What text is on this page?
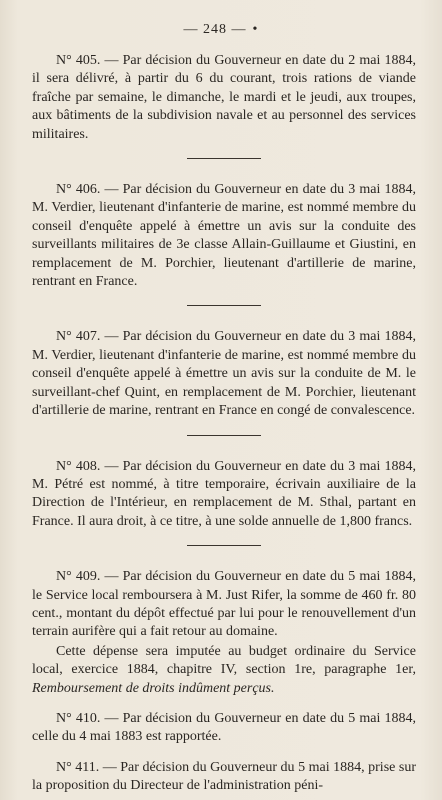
— 248 — •

N° 405. — Par décision du Gouverneur en date du 2 mai 1884, il sera délivré, à partir du 6 du courant, trois rations de viande fraîche par semaine, le dimanche, le mardi et le jeudi, aux troupes, aux bâtiments de la subdivision navale et au personnel des services militaires.

N° 406. — Par décision du Gouverneur en date du 3 mai 1884, M. Verdier, lieutenant d'infanterie de marine, est nommé membre du conseil d'enquête appelé à émettre un avis sur la conduite des surveillants militaires de 3e classe Allain-Guillaume et Giustini, en remplacement de M. Porchier, lieutenant d'artillerie de marine, rentrant en France.

N° 407. — Par décision du Gouverneur en date du 3 mai 1884, M. Verdier, lieutenant d'infanterie de marine, est nommé membre du conseil d'enquête appelé à émettre un avis sur la conduite de M. le surveillant-chef Quint, en remplacement de M. Porchier, lieutenant d'artillerie de marine, rentrant en France en congé de convalescence.

N° 408. — Par décision du Gouverneur en date du 3 mai 1884, M. Pétré est nommé, à titre temporaire, écrivain auxiliaire de la Direction de l'Intérieur, en remplacement de M. Sthal, partant en France. Il aura droit, à ce titre, à une solde annuelle de 1,800 francs.

N° 409. — Par décision du Gouverneur en date du 5 mai 1884, le Service local remboursera à M. Just Rifer, la somme de 460 fr. 80 cent., montant du dépôt effectué par lui pour le renouvellement d'un terrain aurifère qui a fait retour au domaine.

Cette dépense sera imputée au budget ordinaire du Service local, exercice 1884, chapitre IV, section 1re, paragraphe 1er, Remboursement de droits indûment perçus.

N° 410. — Par décision du Gouverneur en date du 5 mai 1884, celle du 4 mai 1883 est rapportée.

N° 411. — Par décision du Gouverneur du 5 mai 1884, prise sur la proposition du Directeur de l'administration péni-
